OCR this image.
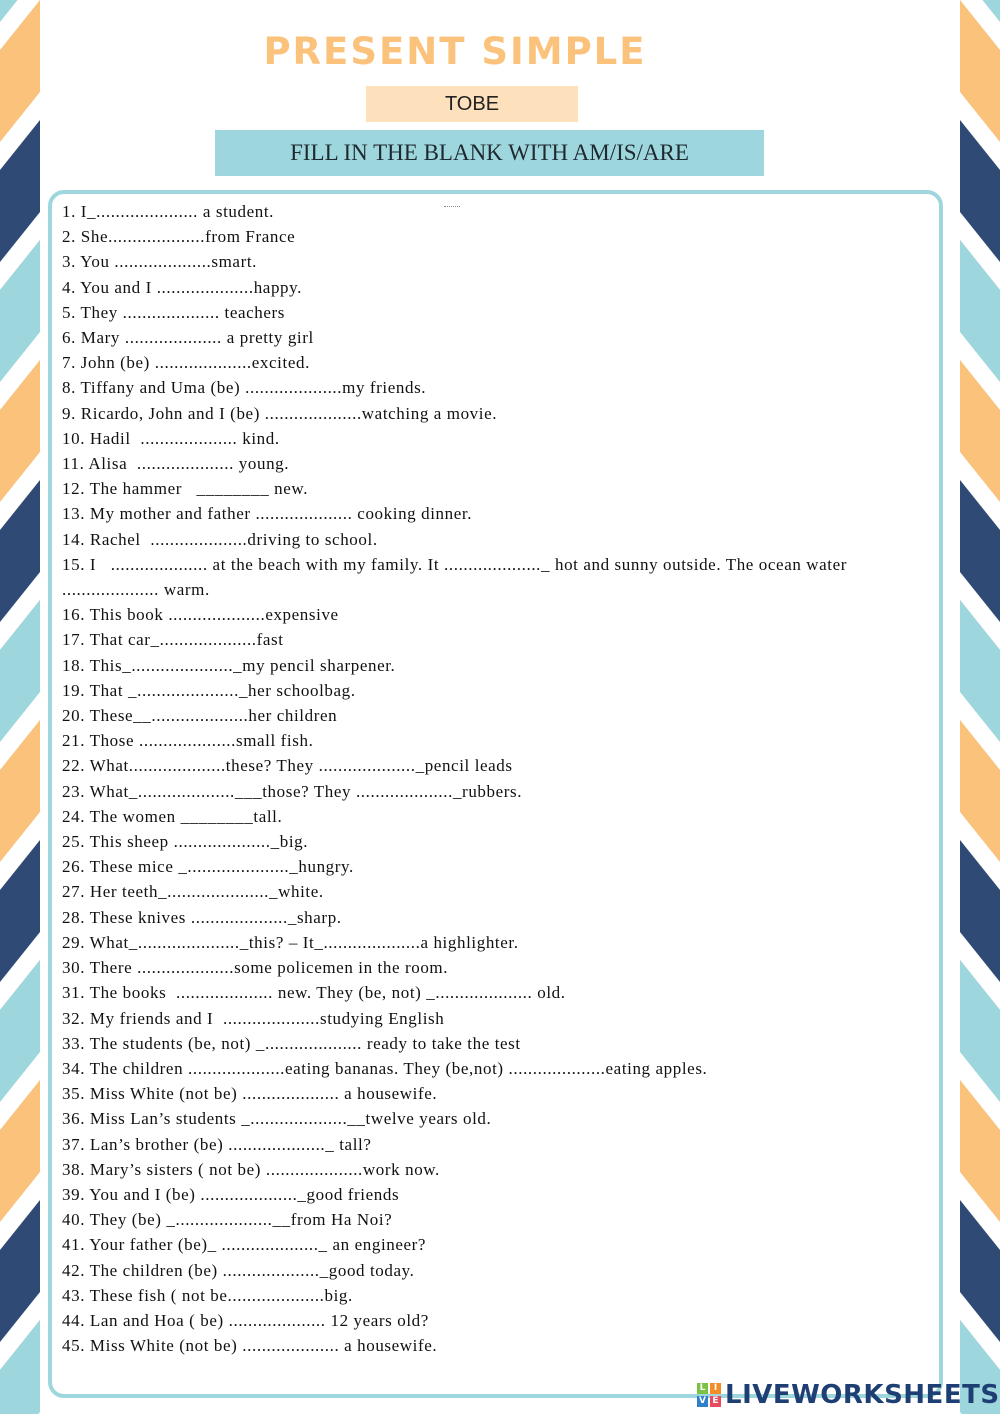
PRESENT SIMPLE
TOBE
FILL IN THE BLANK WITH AM/IS/ARE
1. I_..................... a student.
2. She....................from France
3. You ....................smart.
4. You and I ....................happy.
5. They .................... teachers
6. Mary .................... a pretty girl
7. John (be) ....................excited.
8. Tiffany and Uma (be) ....................my friends.
9. Ricardo, John and I (be) ....................watching a movie.
10. Hadil  .................... kind.
11. Alisa  .................... young.
12. The hammer   ________ new.
13. My mother and father .................... cooking dinner.
14. Rachel  ....................driving to school.
15. I   .................... at the beach with my family. It ...................._ hot and sunny outside. The ocean water   .................... warm.
16. This book ....................expensive
17. That car_....................fast
18. This_....................._my pencil sharpener.
19. That _....................._her schoolbag.
20. These__....................her children
21. Those ....................small fish.
22. What....................these? They ...................._pencil leads
23. What_....................___those? They ...................._rubbers.
24. The women ________tall.
25. This sheep ...................._big.
26. These mice _....................._hungry.
27. Her teeth_....................._white.
28. These knives ...................._sharp.
29. What_....................._this? – It_....................a highlighter.
30. There ....................some policemen in the room.
31. The books  .................... new. They (be, not) _.................... old.
32. My friends and I  ....................studying English
33. The students (be, not) _.................... ready to take the test
34. The children ....................eating bananas. They (be,not) ....................eating apples.
35. Miss White (not be) .................... a housewife.
36. Miss Lan’s students _....................__twelve years old.
37. Lan’s brother (be) ...................._ tall?
38. Mary’s sisters ( not be) ....................work now.
39. You and I (be) ...................._good friends
40. They (be) _....................__from Ha Noi?
41. Your father (be)_ ...................._ an engineer?
42. The children (be) ...................._good today.
43. These fish ( not be....................big.
44. Lan and Hoa ( be) .................... 12 years old?
45. Miss White (not be) .................... a housewife.
L I
V E LIVEWORKSHEETS
